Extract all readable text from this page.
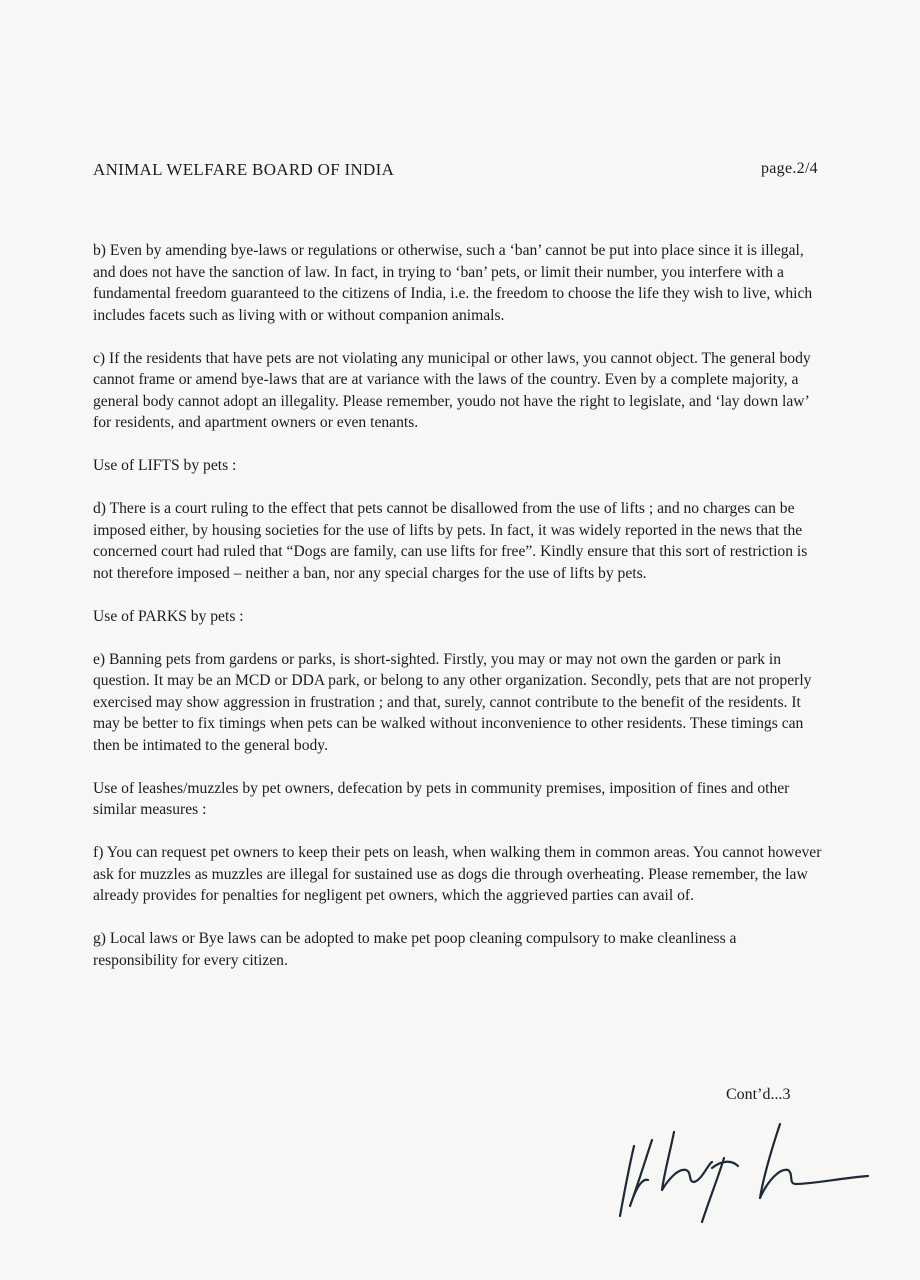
ANIMAL WELFARE BOARD OF INDIA	page.2/4

b) Even by amending bye-laws or regulations or otherwise, such a ‘ban’ cannot be put into place since it is illegal, and does not have the sanction of law. In fact, in trying to ‘ban’ pets, or limit their number, you interfere with a fundamental freedom guaranteed to the citizens of India, i.e. the freedom to choose the life they wish to live, which includes facets such as living with or without companion animals.

c) If the residents that have pets are not violating any municipal or other laws, you cannot object. The general body cannot frame or amend bye-laws that are at variance with the laws of the country. Even by a complete majority, a general body cannot adopt an illegality. Please remember, youdo not have the right to legislate, and ‘lay down law’ for residents, and apartment owners or even tenants.

Use of LIFTS by pets :

d) There is a court ruling to the effect that pets cannot be disallowed from the use of lifts ; and no charges can be imposed either, by housing societies for the use of lifts by pets. In fact, it was widely reported in the news that the concerned court had ruled that “Dogs are family, can use lifts for free”. Kindly ensure that this sort of restriction is not therefore imposed – neither a ban, nor any special charges for the use of lifts by pets.

Use of PARKS by pets :

e) Banning pets from gardens or parks, is short-sighted. Firstly, you may or may not own the garden or park in question. It may be an MCD or DDA park, or belong to any other organization. Secondly, pets that are not properly exercised may show aggression in frustration ; and that, surely, cannot contribute to the benefit of the residents. It may be better to fix timings when pets can be walked without inconvenience to other residents. These timings can then be intimated to the general body.

Use of leashes/muzzles by pet owners, defecation by pets in community premises, imposition of fines and other similar measures :

f) You can request pet owners to keep their pets on leash, when walking them in common areas. You cannot however ask for muzzles as muzzles are illegal for sustained use as dogs die through overheating. Please remember, the law already provides for penalties for negligent pet owners, which the aggrieved parties can avail of.

g) Local laws or Bye laws can be adopted to make pet poop cleaning compulsory to make cleanliness a responsibility for every citizen.

Cont’d...3
